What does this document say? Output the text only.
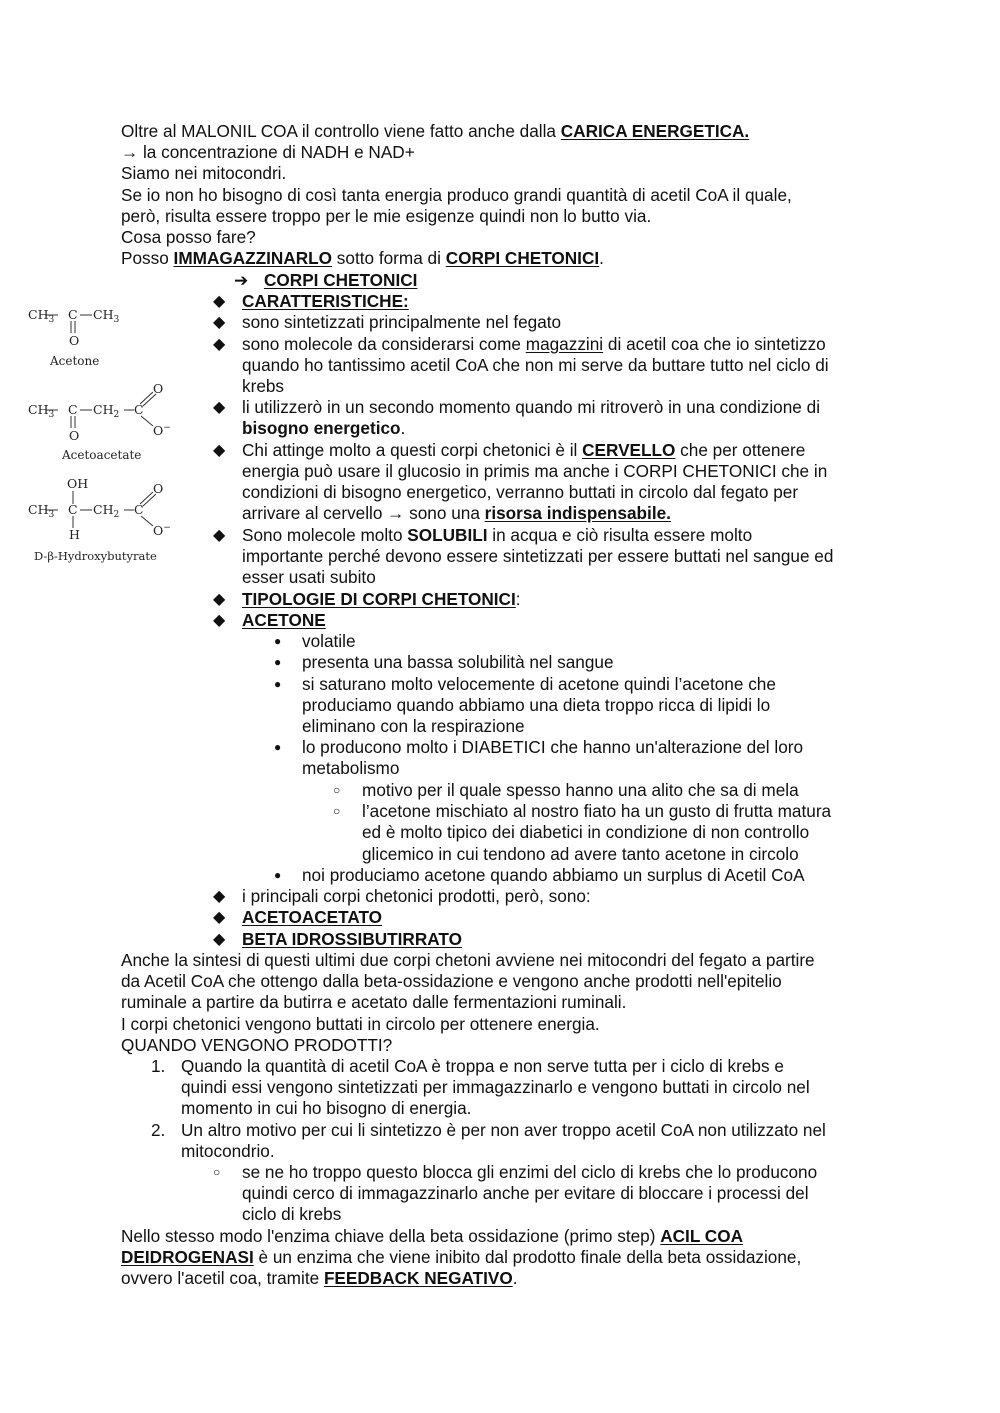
Oltre al MALONIL COA il controllo viene fatto anche dalla CARICA ENERGETICA.
→ la concentrazione di NADH e NAD+
Siamo nei mitocondri.
Se io non ho bisogno di così tanta energia produco grandi quantità di acetil CoA il quale,
però, risulta essere troppo per le mie esigenze quindi non lo butto via.
Cosa posso fare?
Posso IMMAGAZZINARLO sotto forma di CORPI CHETONICI.
➔ CORPI CHETONICI
$CH_3$ C $CH_3$
O
Acetone
$CH_3$ C $CH_2$ C
O
O−
O
Acetoacetate
OH
$CH_3$ C $CH_2$ C
O
O−
H
D-β-Hydroxybutyrate
◆ CARATTERISTICHE:
◆ sono sintetizzati principalmente nel fegato
◆ sono molecole da considerarsi come magazzini di acetil coa che io sintetizzo
quando ho tantissimo acetil CoA che non mi serve da buttare tutto nel ciclo di
krebs
◆ li utilizzerò in un secondo momento quando mi ritroverò in una condizione di
bisogno energetico.
◆ Chi attinge molto a questi corpi chetonici è il CERVELLO che per ottenere
energia può usare il glucosio in primis ma anche i CORPI CHETONICI che in
condizioni di bisogno energetico, verranno buttati in circolo dal fegato per
arrivare al cervello → sono una risorsa indispensabile.
◆ Sono molecole molto SOLUBILI in acqua e ciò risulta essere molto
importante perché devono essere sintetizzati per essere buttati nel sangue ed
esser usati subito
◆ TIPOLOGIE DI CORPI CHETONICI:
◆ ACETONE
● volatile
● presenta una bassa solubilità nel sangue
● si saturano molto velocemente di acetone quindi l’acetone che
produciamo quando abbiamo una dieta troppo ricca di lipidi lo
eliminano con la respirazione
● lo producono molto i DIABETICI che hanno un'alterazione del loro
metabolismo
○ motivo per il quale spesso hanno una alito che sa di mela
○ l’acetone mischiato al nostro fiato ha un gusto di frutta matura
ed è molto tipico dei diabetici in condizione di non controllo
glicemico in cui tendono ad avere tanto acetone in circolo
● noi produciamo acetone quando abbiamo un surplus di Acetil CoA
◆ i principali corpi chetonici prodotti, però, sono:
◆ ACETOACETATO
◆ BETA IDROSSIBUTIRRATO
Anche la sintesi di questi ultimi due corpi chetoni avviene nei mitocondri del fegato a partire
da Acetil CoA che ottengo dalla beta-ossidazione e vengono anche prodotti nell'epitelio
ruminale a partire da butirra e acetato dalle fermentazioni ruminali.
I corpi chetonici vengono buttati in circolo per ottenere energia.
QUANDO VENGONO PRODOTTI?
1. Quando la quantità di acetil CoA è troppa e non serve tutta per i ciclo di krebs e
quindi essi vengono sintetizzati per immagazzinarlo e vengono buttati in circolo nel
momento in cui ho bisogno di energia.
2. Un altro motivo per cui li sintetizzo è per non aver troppo acetil CoA non utilizzato nel
mitocondrio.
○ se ne ho troppo questo blocca gli enzimi del ciclo di krebs che lo producono
quindi cerco di immagazzinarlo anche per evitare di bloccare i processi del
ciclo di krebs
Nello stesso modo l'enzima chiave della beta ossidazione (primo step) ACIL COA
DEIDROGENASI è un enzima che viene inibito dal prodotto finale della beta ossidazione,
ovvero l'acetil coa, tramite FEEDBACK NEGATIVO.
